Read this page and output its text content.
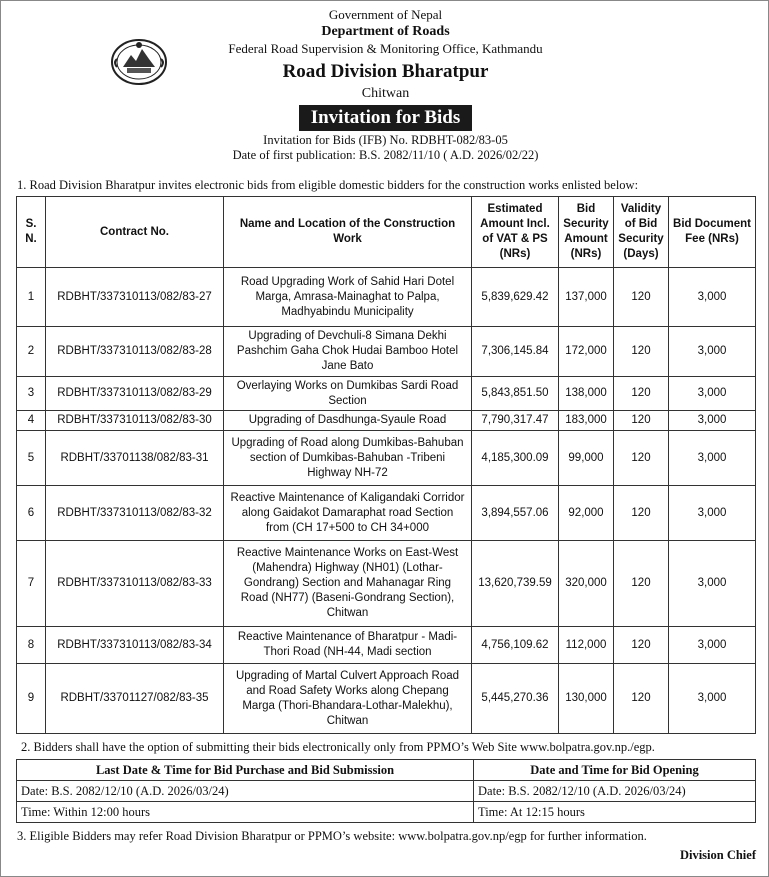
Government of Nepal
Department of Roads
Federal Road Supervision & Monitoring Office, Kathmandu
Road Division Bharatpur
Chitwan
Invitation for Bids
Invitation for Bids (IFB) No. RDBHT-082/83-05
Date of first publication: B.S. 2082/11/10 ( A.D. 2026/02/22)
1. Road Division Bharatpur invites electronic bids from eligible domestic bidders for the construction works enlisted below:
S. N.	Contract No.	Name and Location of the Construction Work	Estimated Amount Incl. of VAT & PS (NRs)	Bid Security Amount (NRs)	Validity of Bid Security (Days)	Bid Document Fee (NRs)
1	RDBHT/337310113/082/83-27	Road Upgrading Work of Sahid Hari Dotel Marga, Amrasa-Mainaghat to Palpa, Madhyabindu Municipality	5,839,629.42	137,000	120	3,000
2	RDBHT/337310113/082/83-28	Upgrading of Devchuli-8 Simana Dekhi Pashchim Gaha Chok Hudai Bamboo Hotel Jane Bato	7,306,145.84	172,000	120	3,000
3	RDBHT/337310113/082/83-29	Overlaying Works on Dumkibas Sardi Road Section	5,843,851.50	138,000	120	3,000
4	RDBHT/337310113/082/83-30	Upgrading of Dasdhunga-Syaule Road	7,790,317.47	183,000	120	3,000
5	RDBHT/33701138/082/83-31	Upgrading of Road along Dumkibas-Bahuban section of Dumkibas-Bahuban -Tribeni Highway NH-72	4,185,300.09	99,000	120	3,000
6	RDBHT/337310113/082/83-32	Reactive Maintenance of Kaligandaki Corridor along Gaidakot Damaraphat road Section from (CH 17+500 to CH 34+000	3,894,557.06	92,000	120	3,000
7	RDBHT/337310113/082/83-33	Reactive Maintenance Works on East-West (Mahendra) Highway (NH01) (Lothar-Gondrang) Section and Mahanagar Ring Road (NH77) (Baseni-Gondrang Section), Chitwan	13,620,739.59	320,000	120	3,000
8	RDBHT/337310113/082/83-34	Reactive Maintenance of Bharatpur - Madi-Thori Road (NH-44, Madi section	4,756,109.62	112,000	120	3,000
9	RDBHT/33701127/082/83-35	Upgrading of Martal Culvert Approach Road and Road Safety Works along Chepang Marga (Thori-Bhandara-Lothar-Malekhu), Chitwan	5,445,270.36	130,000	120	3,000
2. Bidders shall have the option of submitting their bids electronically only from PPMO’s Web Site www.bolpatra.gov.np./egp.
Last Date & Time for Bid Purchase and Bid Submission	Date and Time for Bid Opening
Date: B.S. 2082/12/10 (A.D. 2026/03/24)	Date: B.S. 2082/12/10 (A.D. 2026/03/24)
Time: Within 12:00 hours	Time: At 12:15 hours
3. Eligible Bidders may refer Road Division Bharatpur or PPMO’s website: www.bolpatra.gov.np/egp for further information.
Division Chief
